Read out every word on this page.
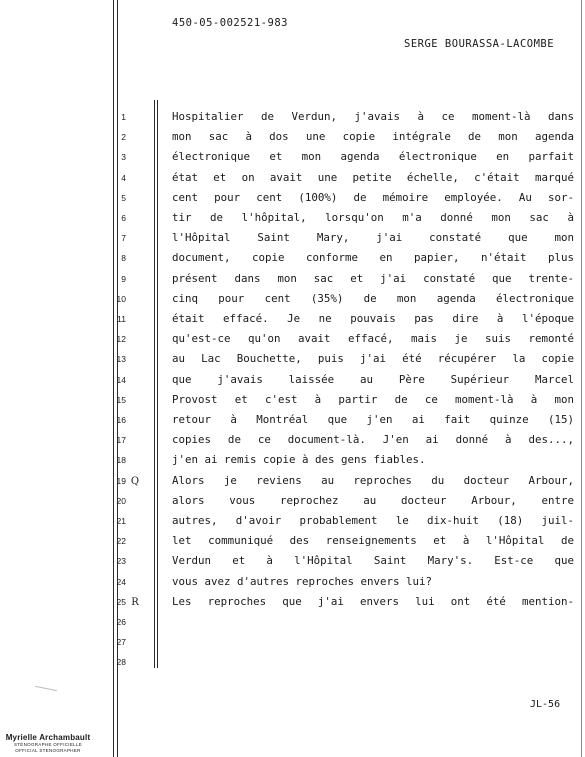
450-05-002521-983
SERGE BOURASSA-LACOMBE
1	Hospitalier de Verdun, j'avais à ce moment-là dans
2	mon sac à dos une copie intégrale de mon agenda
3	électronique et mon agenda électronique en parfait
4	état et on avait une petite échelle, c'était marqué
5	cent pour cent (100%) de mémoire employée. Au sor-
6	tir de l'hôpital, lorsqu'on m'a donné mon sac à
7	l'Hôpital Saint Mary, j'ai constaté que mon
8	document, copie conforme en papier, n'était plus
9	présent dans mon sac et j'ai constaté que trente-
10	cinq pour cent (35%) de mon agenda électronique
11	était effacé. Je ne pouvais pas dire à l'époque
12	qu'est-ce qu'on avait effacé, mais je suis remonté
13	au Lac Bouchette, puis j'ai été récupérer la copie
14	que j'avais laissée au Père Supérieur Marcel
15	Provost et c'est à partir de ce moment-là à mon
16	retour à Montréal que j'en ai fait quinze (15)
17	copies de ce document-là. J'en ai donné à des...,
18	j'en ai remis copie à des gens fiables.
19 Q	Alors je reviens au reproches du docteur Arbour,
20	alors vous reprochez au docteur Arbour, entre
21	autres, d'avoir probablement le dix-huit (18) juil-
22	let communiqué des renseignements et à l'Hôpital de
23	Verdun et à l'Hôpital Saint Mary's. Est-ce que
24	vous avez d'autres reproches envers lui?
25 R	Les reproches que j'ai envers lui ont été mention-
26
27
28
JL-56
Myrielle Archambault
STÉNOGRAPHE OFFICIELLE
OFFICIAL STENOGRAPHER
